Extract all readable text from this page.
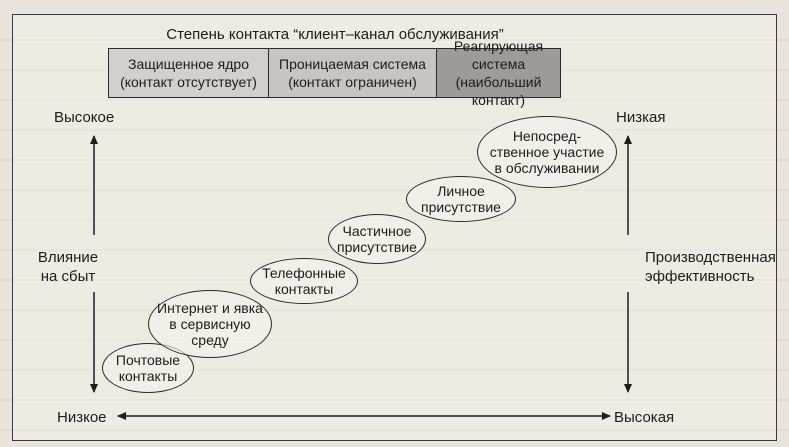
Степень контакта “клиент–канал обслуживания”
Защищенное ядро
(контакт отсутствует)
Проницаемая система
(контакт ограничен)
Реагирующая система
(наибольший контакт)
Высокое
Влияние
на сбыт
Низкое
Низкая
Производственная
эффективность
Высокая
Почтовые
контакты
Интернет и явка
в сервисную
среду
Телефонные
контакты
Частичное
присутствие
Личное
присутствие
Непосред-
ственное участие
в обслуживании
